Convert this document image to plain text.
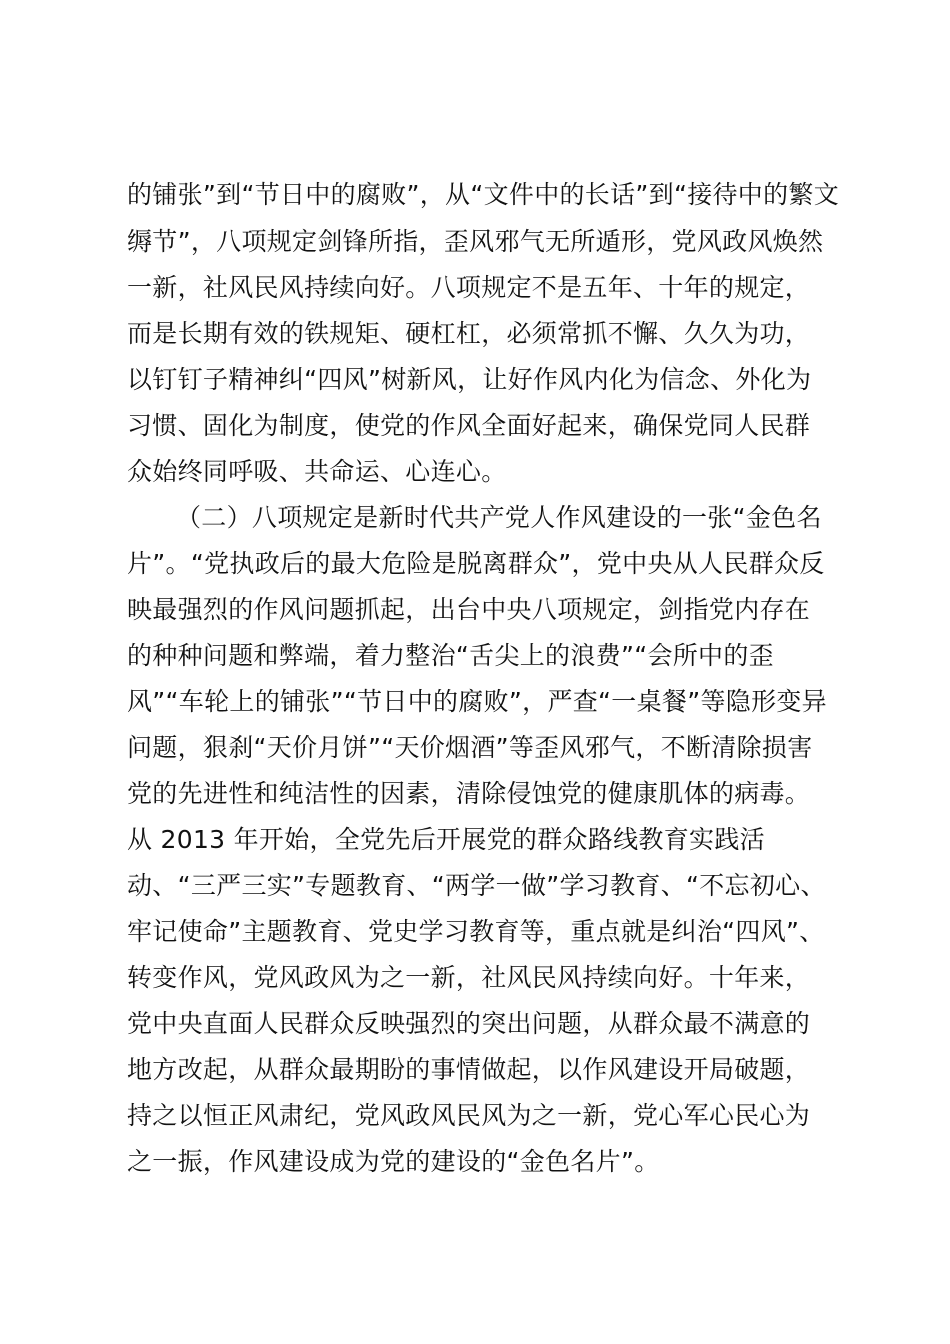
的铺张”到“节日中的腐败”，从“文件中的长话”到“接待中的繁文
缛节”，八项规定剑锋所指，歪风邪气无所遁形，党风政风焕然
一新，社风民风持续向好。八项规定不是五年、十年的规定，
而是长期有效的铁规矩、硬杠杠，必须常抓不懈、久久为功，
以钉钉子精神纠“四风”树新风，让好作风内化为信念、外化为
习惯、固化为制度，使党的作风全面好起来，确保党同人民群
众始终同呼吸、共命运、心连心。
（二）八项规定是新时代共产党人作风建设的一张“金色名
片”。“党执政后的最大危险是脱离群众”，党中央从人民群众反
映最强烈的作风问题抓起，出台中央八项规定，剑指党内存在
的种种问题和弊端，着力整治“舌尖上的浪费”“会所中的歪
风”“车轮上的铺张”“节日中的腐败”，严查“一桌餐”等隐形变异
问题，狠刹“天价月饼”“天价烟酒”等歪风邪气，不断清除损害
党的先进性和纯洁性的因素，清除侵蚀党的健康肌体的病毒。
从 2013 年开始，全党先后开展党的群众路线教育实践活
动、“三严三实”专题教育、“两学一做”学习教育、“不忘初心、
牢记使命”主题教育、党史学习教育等，重点就是纠治“四风”、
转变作风，党风政风为之一新，社风民风持续向好。十年来，
党中央直面人民群众反映强烈的突出问题，从群众最不满意的
地方改起，从群众最期盼的事情做起，以作风建设开局破题，
持之以恒正风肃纪，党风政风民风为之一新，党心军心民心为
之一振，作风建设成为党的建设的“金色名片”。
